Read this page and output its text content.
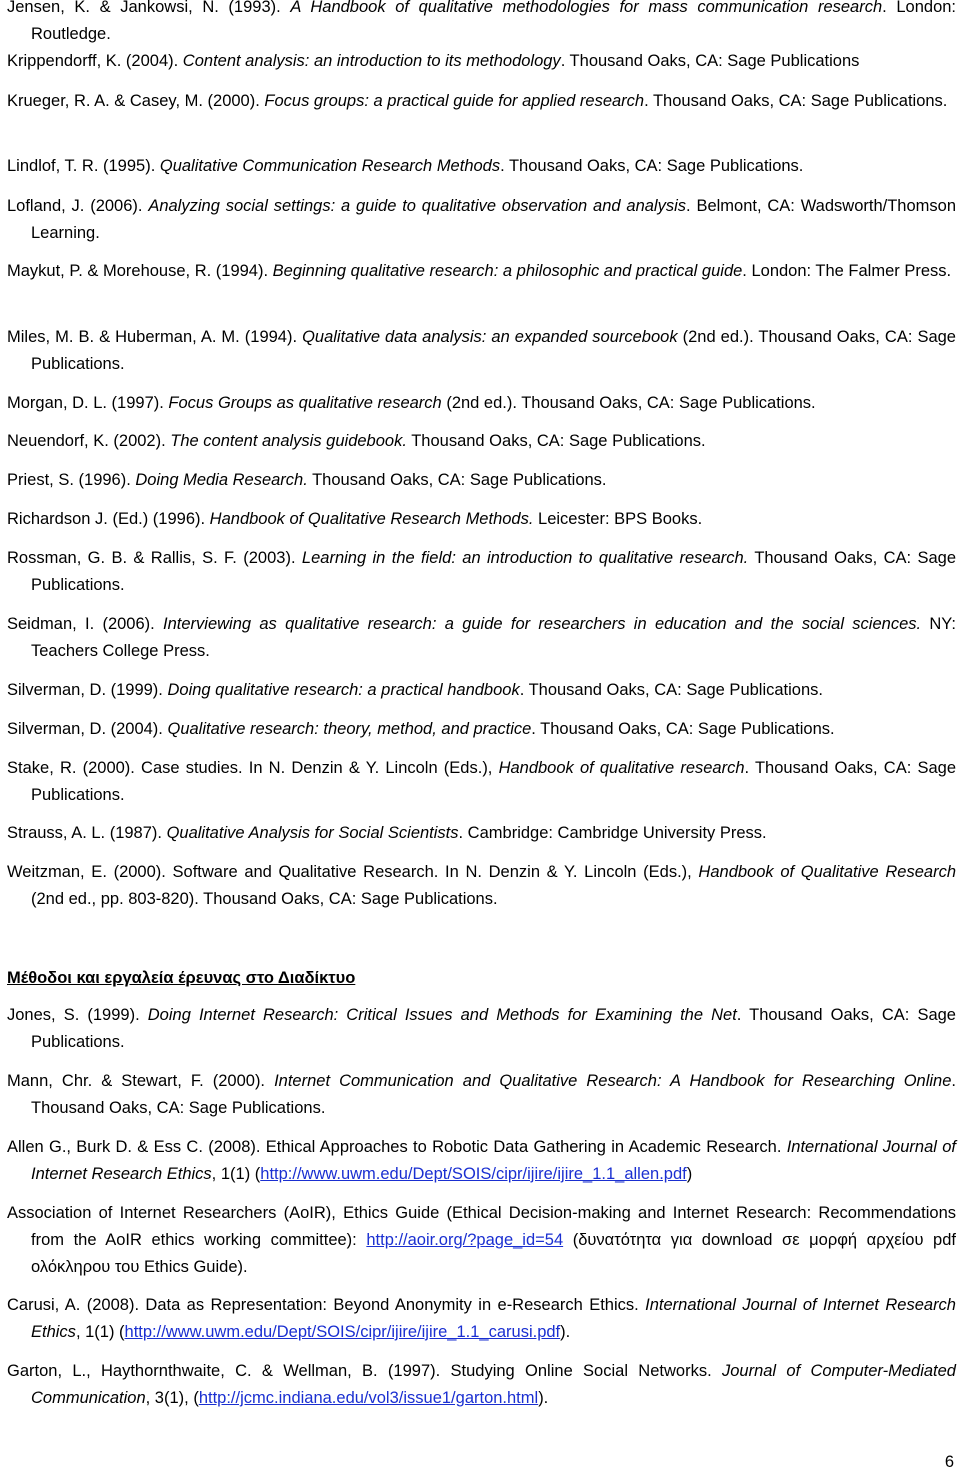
Jensen, K. & Jankowsi, N. (1993). A Handbook of qualitative methodologies for mass communication research. London: Routledge.

Krippendorff, K. (2004). Content analysis: an introduction to its methodology. Thousand Oaks, CA: Sage Publications

Krueger, R. A. & Casey, M. (2000). Focus groups: a practical guide for applied research. Thousand Oaks, CA: Sage Publications.

Lindlof, T. R. (1995). Qualitative Communication Research Methods. Thousand Oaks, CA: Sage Publications.

Lofland, J. (2006). Analyzing social settings: a guide to qualitative observation and analysis. Belmont, CA: Wadsworth/Thomson Learning.

Maykut, P. & Morehouse, R. (1994). Beginning qualitative research: a philosophic and practical guide. London: The Falmer Press.

Miles, M. B. & Huberman, A. M. (1994). Qualitative data analysis: an expanded sourcebook (2nd ed.). Thousand Oaks, CA: Sage Publications.

Morgan, D. L. (1997). Focus Groups as qualitative research (2nd ed.). Thousand Oaks, CA: Sage Publications.

Neuendorf, K. (2002). The content analysis guidebook. Thousand Oaks, CA: Sage Publications.

Priest, S. (1996). Doing Media Research. Thousand Oaks, CA: Sage Publications.

Richardson J. (Ed.) (1996). Handbook of Qualitative Research Methods. Leicester: BPS Books.

Rossman, G. B. & Rallis, S. F. (2003). Learning in the field: an introduction to qualitative research. Thousand Oaks, CA: Sage Publications.

Seidman, I. (2006). Interviewing as qualitative research: a guide for researchers in education and the social sciences. NY: Teachers College Press.

Silverman, D. (1999). Doing qualitative research: a practical handbook. Thousand Oaks, CA: Sage Publications.

Silverman, D. (2004). Qualitative research: theory, method, and practice. Thousand Oaks, CA: Sage Publications.

Stake, R. (2000). Case studies. In N. Denzin & Y. Lincoln (Eds.), Handbook of qualitative research. Thousand Oaks, CA: Sage Publications.

Strauss, A. L. (1987). Qualitative Analysis for Social Scientists. Cambridge: Cambridge University Press.

Weitzman, E. (2000). Software and Qualitative Research. In N. Denzin & Y. Lincoln (Eds.), Handbook of Qualitative Research (2nd ed., pp. 803-820). Thousand Oaks, CA: Sage Publications.

Μέθοδοι και εργαλεία έρευνας στο Διαδίκτυο

Jones, S. (1999). Doing Internet Research: Critical Issues and Methods for Examining the Net. Thousand Oaks, CA: Sage Publications.

Mann, Chr. & Stewart, F. (2000). Internet Communication and Qualitative Research: A Handbook for Researching Online. Thousand Oaks, CA: Sage Publications.

Allen G., Burk D. & Ess C. (2008). Ethical Approaches to Robotic Data Gathering in Academic Research. International Journal of Internet Research Ethics, 1(1) (http://www.uwm.edu/Dept/SOIS/cipr/ijire/ijire_1.1_allen.pdf)

Association of Internet Researchers (AoIR), Ethics Guide (Ethical Decision-making and Internet Research: Recommendations from the AoIR ethics working committee): http://aoir.org/?page_id=54 (δυνατότητα για download σε μορφή αρχείου pdf ολόκληρου του Ethics Guide).

Carusi, A. (2008). Data as Representation: Beyond Anonymity in e-Research Ethics. International Journal of Internet Research Ethics, 1(1) (http://www.uwm.edu/Dept/SOIS/cipr/ijire/ijire_1.1_carusi.pdf).

Garton, L., Haythornthwaite, C. & Wellman, B. (1997). Studying Online Social Networks. Journal of Computer-Mediated Communication, 3(1), (http://jcmc.indiana.edu/vol3/issue1/garton.html).

6
